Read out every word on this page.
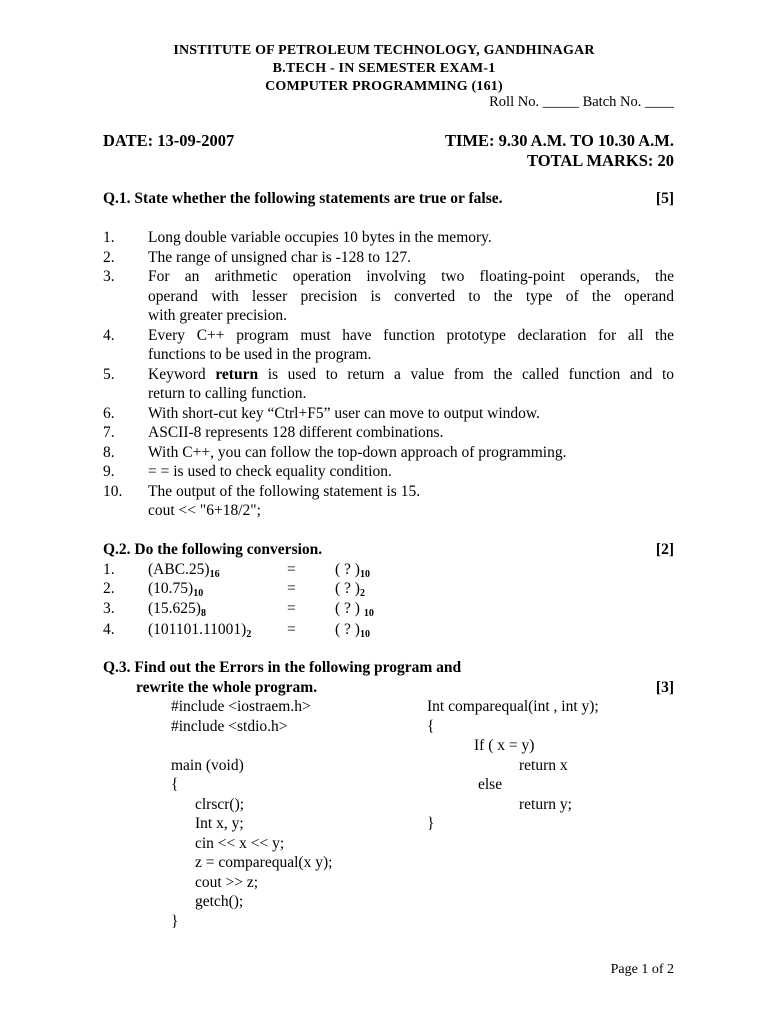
INSTITUTE OF PETROLEUM TECHNOLOGY, GANDHINAGAR
B.TECH - IN SEMESTER EXAM-1
COMPUTER PROGRAMMING (161)
Roll No. _____ Batch No. ____
DATE: 13-09-2007	TIME: 9.30 A.M. TO 10.30 A.M.
TOTAL MARKS: 20
Q.1. State whether the following statements are true or false.	[5]
1. Long double variable occupies 10 bytes in the memory.
2. The range of unsigned char is -128 to 127.
3. For an arithmetic operation involving two floating-point operands, the
operand with lesser precision is converted to the type of the operand
with greater precision.
4. Every C++ program must have function prototype declaration for all the
functions to be used in the program.
5. Keyword return is used to return a value from the called function and to
return to calling function.
6. With short-cut key “Ctrl+F5” user can move to output window.
7. ASCII-8 represents 128 different combinations.
8. With C++, you can follow the top-down approach of programming.
9. = = is used to check equality condition.
10. The output of the following statement is 15.
cout << "6+18/2";
Q.2. Do the following conversion.	[2]
1. (ABC.25)16	=	( ? )10
2. (10.75)10	=	( ? )2
3. (15.625)8	=	( ? ) 10
4. (101101.11001)2 =	( ? )10
Q.3. Find out the Errors in the following program and
rewrite the whole program.	[3]
#include <iostraem.h>
#include <stdio.h>
main (void)
{
clrscr();
Int x, y;
cin << x << y;
z = comparequal(x y);
cout >> z;
getch();
}
Int comparequal(int , int y);
{
If ( x = y)
return x
else
return y;
}
Page 1 of 2
